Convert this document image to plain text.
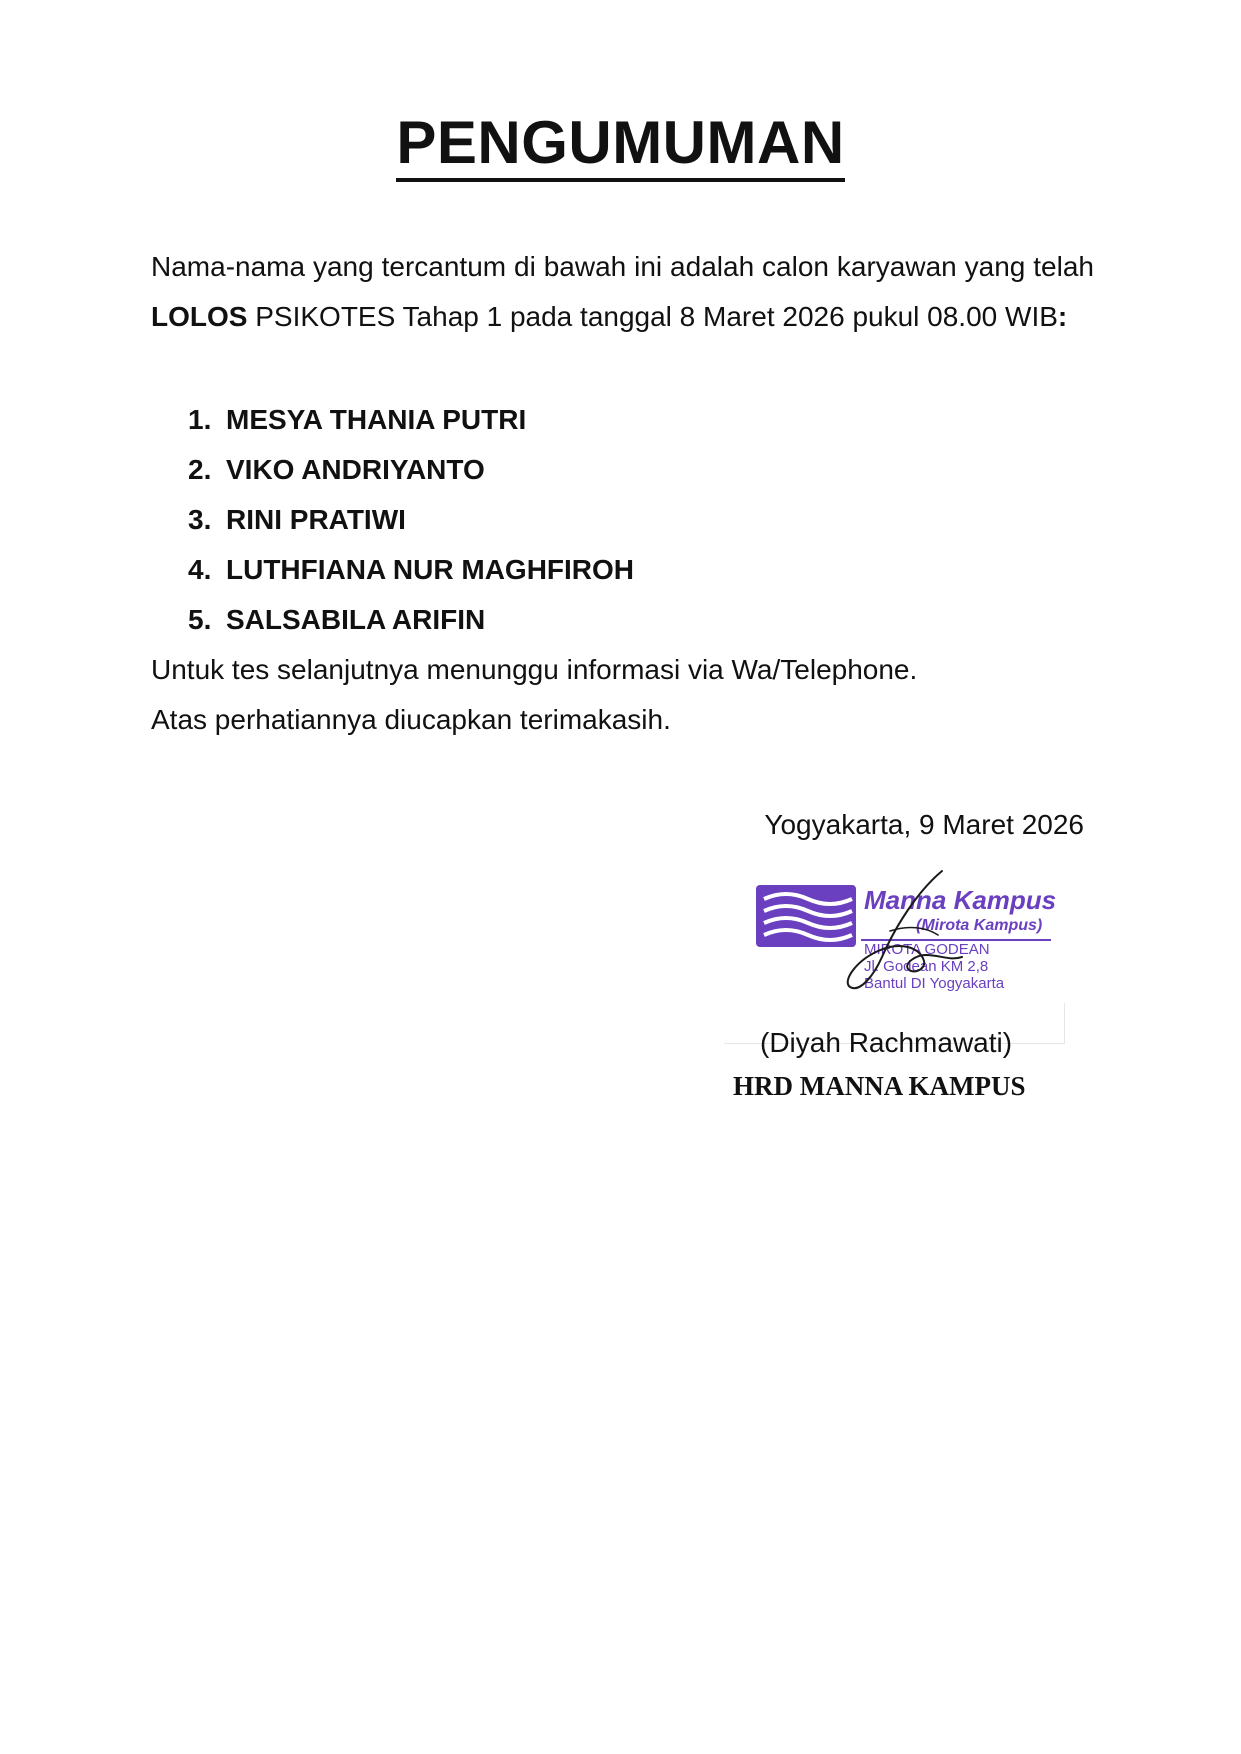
PENGUMUMAN
Nama-nama yang tercantum di bawah ini adalah calon karyawan yang telah LOLOS PSIKOTES Tahap 1 pada tanggal 8 Maret 2026 pukul 08.00 WIB:
1. MESYA THANIA PUTRI
2. VIKO ANDRIYANTO
3. RINI PRATIWI
4. LUTHFIANA NUR MAGHFIROH
5. SALSABILA ARIFIN
Untuk tes selanjutnya menunggu informasi via Wa/Telephone.
Atas perhatiannya diucapkan terimakasih.
Yogyakarta, 9 Maret 2026
Manna Kampus
(Mirota Kampus)
MIROTA GODEAN
Jl. Godean KM 2,8
Bantul DI Yogyakarta
(Diyah Rachmawati)
HRD MANNA KAMPUS
